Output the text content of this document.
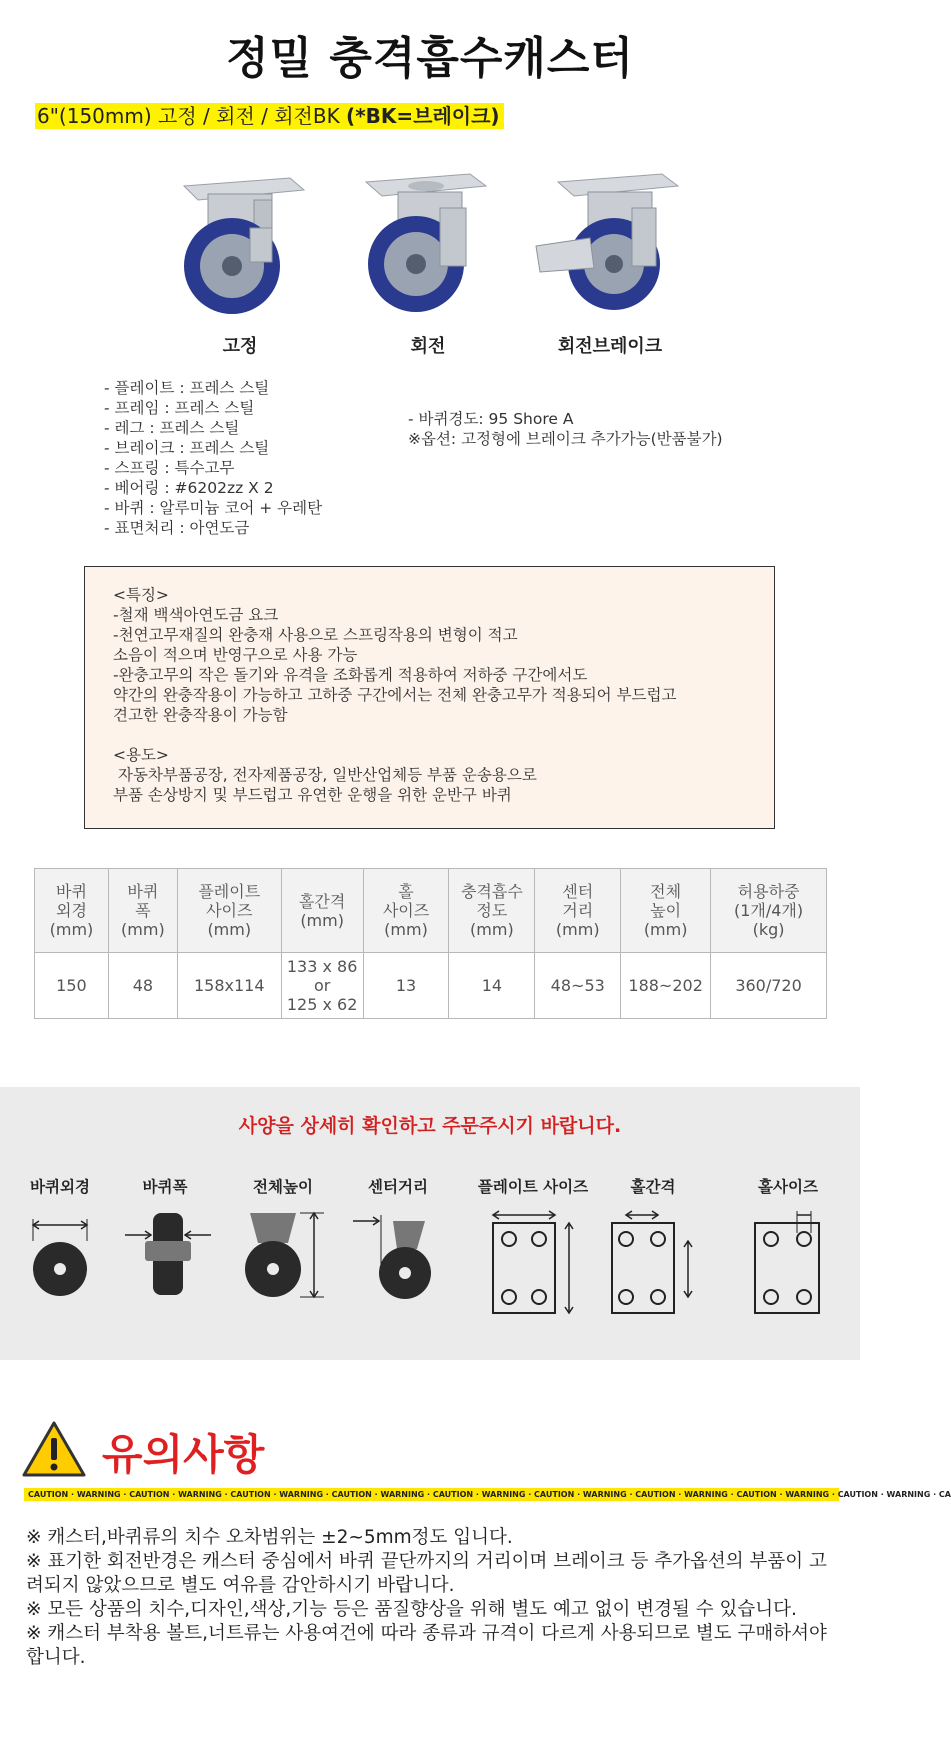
정밀 충격흡수캐스터
6"(150mm) 고정 / 회전 / 회전BK (*BK=브레이크)
고정	회전	회전브레이크
- 플레이트 : 프레스 스틸
- 프레임 : 프레스 스틸
- 레그 : 프레스 스틸
- 브레이크 : 프레스 스틸
- 스프링 : 특수고무
- 베어링 : #6202zz X 2
- 바퀴 : 알루미늄 코어 + 우레탄
- 표면처리 : 아연도금
- 바퀴경도: 95 Shore A
※옵션: 고정형에 브레이크 추가가능(반품불가)
<특징>
-철재 백색아연도금 요크
-천연고무재질의 완충재 사용으로 스프링작용의 변형이 적고
소음이 적으며 반영구으로 사용 가능
-완충고무의 작은 돌기와 유격을 조화롭게 적용하여 저하중 구간에서도
약간의 완충작용이 가능하고 고하중 구간에서는 전체 완충고무가 적용되어 부드럽고
견고한 완충작용이 가능함
<용도>
자동차부품공장, 전자제품공장, 일반산업체등 부품 운송용으로
부품 손상방지 및 부드럽고 유연한 운행을 위한 운반구 바퀴
바퀴
외경
(mm)	바퀴
폭
(mm)	플레이트
사이즈
(mm)	홀간격
(mm)	홀
사이즈
(mm)	충격흡수
정도
(mm)	센터
거리
(mm)	전체
높이
(mm)	허용하중
(1개/4개)
(kg)

150	48	158x114	133 x 86
or
125 x 62	13	14	48~53	188~202	360/720
사양을 상세히 확인하고 주문주시기 바랍니다.
바퀴외경	바퀴폭	전체높이	센터거리	플레이트 사이즈	홀간격	홀사이즈
유의사항
CAUTION · WARNING · CAUTION · WARNING · CAUTION · WARNING · CAUTION · WARNING · CAUTION · WARNING · CAUTION · WARNING · CAUTION · WARNING · CAUTION · WARNING · CAUTION · WARNING · CA
※ 캐스터,바퀴류의 치수 오차범위는 ±2~5mm정도 입니다.
※ 표기한 회전반경은 캐스터 중심에서 바퀴 끝단까지의 거리이며 브레이크 등 추가옵션의 부품이 고려되지 않았으므로 별도 여유를 감안하시기 바랍니다.
※ 모든 상품의 치수,디자인,색상,기능 등은 품질향상을 위해 별도 예고 없이 변경될 수 있습니다.
※ 캐스터 부착용 볼트,너트류는 사용여건에 따라 종류과 규격이 다르게 사용되므로 별도 구매하셔야 합니다.
